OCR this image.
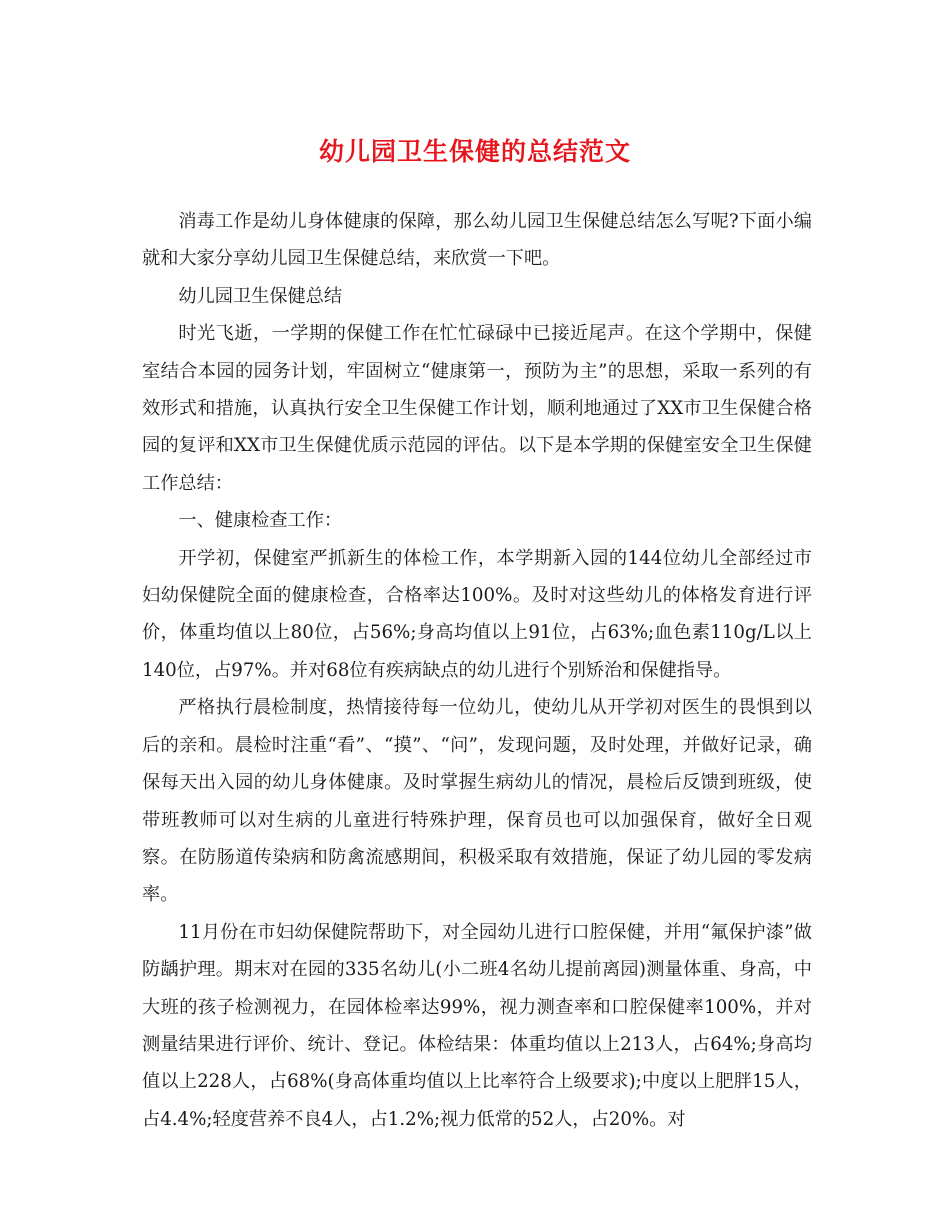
幼儿园卫生保健的总结范文

消毒工作是幼儿身体健康的保障，那么幼儿园卫生保健总结怎么写呢?下面小编就和大家分享幼儿园卫生保健总结，来欣赏一下吧。

幼儿园卫生保健总结

时光飞逝，一学期的保健工作在忙忙碌碌中已接近尾声。在这个学期中，保健室结合本园的园务计划，牢固树立“健康第一，预防为主”的思想，采取一系列的有效形式和措施，认真执行安全卫生保健工作计划，顺利地通过了XX市卫生保健合格园的复评和XX市卫生保健优质示范园的评估。以下是本学期的保健室安全卫生保健工作总结：

一、健康检查工作：

开学初，保健室严抓新生的体检工作，本学期新入园的144位幼儿全部经过市妇幼保健院全面的健康检查，合格率达100%。及时对这些幼儿的体格发育进行评价，体重均值以上80位，占56%;身高均值以上91位，占63%;血色素110g/L以上140位，占97%。并对68位有疾病缺点的幼儿进行个别矫治和保健指导。

严格执行晨检制度，热情接待每一位幼儿，使幼儿从开学初对医生的畏惧到以后的亲和。晨检时注重“看”、“摸”、“问”，发现问题，及时处理，并做好记录，确保每天出入园的幼儿身体健康。及时掌握生病幼儿的情况，晨检后反馈到班级，使带班教师可以对生病的儿童进行特殊护理，保育员也可以加强保育，做好全日观察。在防肠道传染病和防禽流感期间，积极采取有效措施，保证了幼儿园的零发病率。

11月份在市妇幼保健院帮助下，对全园幼儿进行口腔保健，并用“氟保护漆”做防龋护理。期末对在园的335名幼儿(小二班4名幼儿提前离园)测量体重、身高，中大班的孩子检测视力，在园体检率达99%，视力测查率和口腔保健率100%，并对测量结果进行评价、统计、登记。体检结果：体重均值以上213人，占64%;身高均值以上228人，占68%(身高体重均值以上比率符合上级要求);中度以上肥胖15人，占4.4%;轻度营养不良4人，占1.2%;视力低常的52人，占20%。对
